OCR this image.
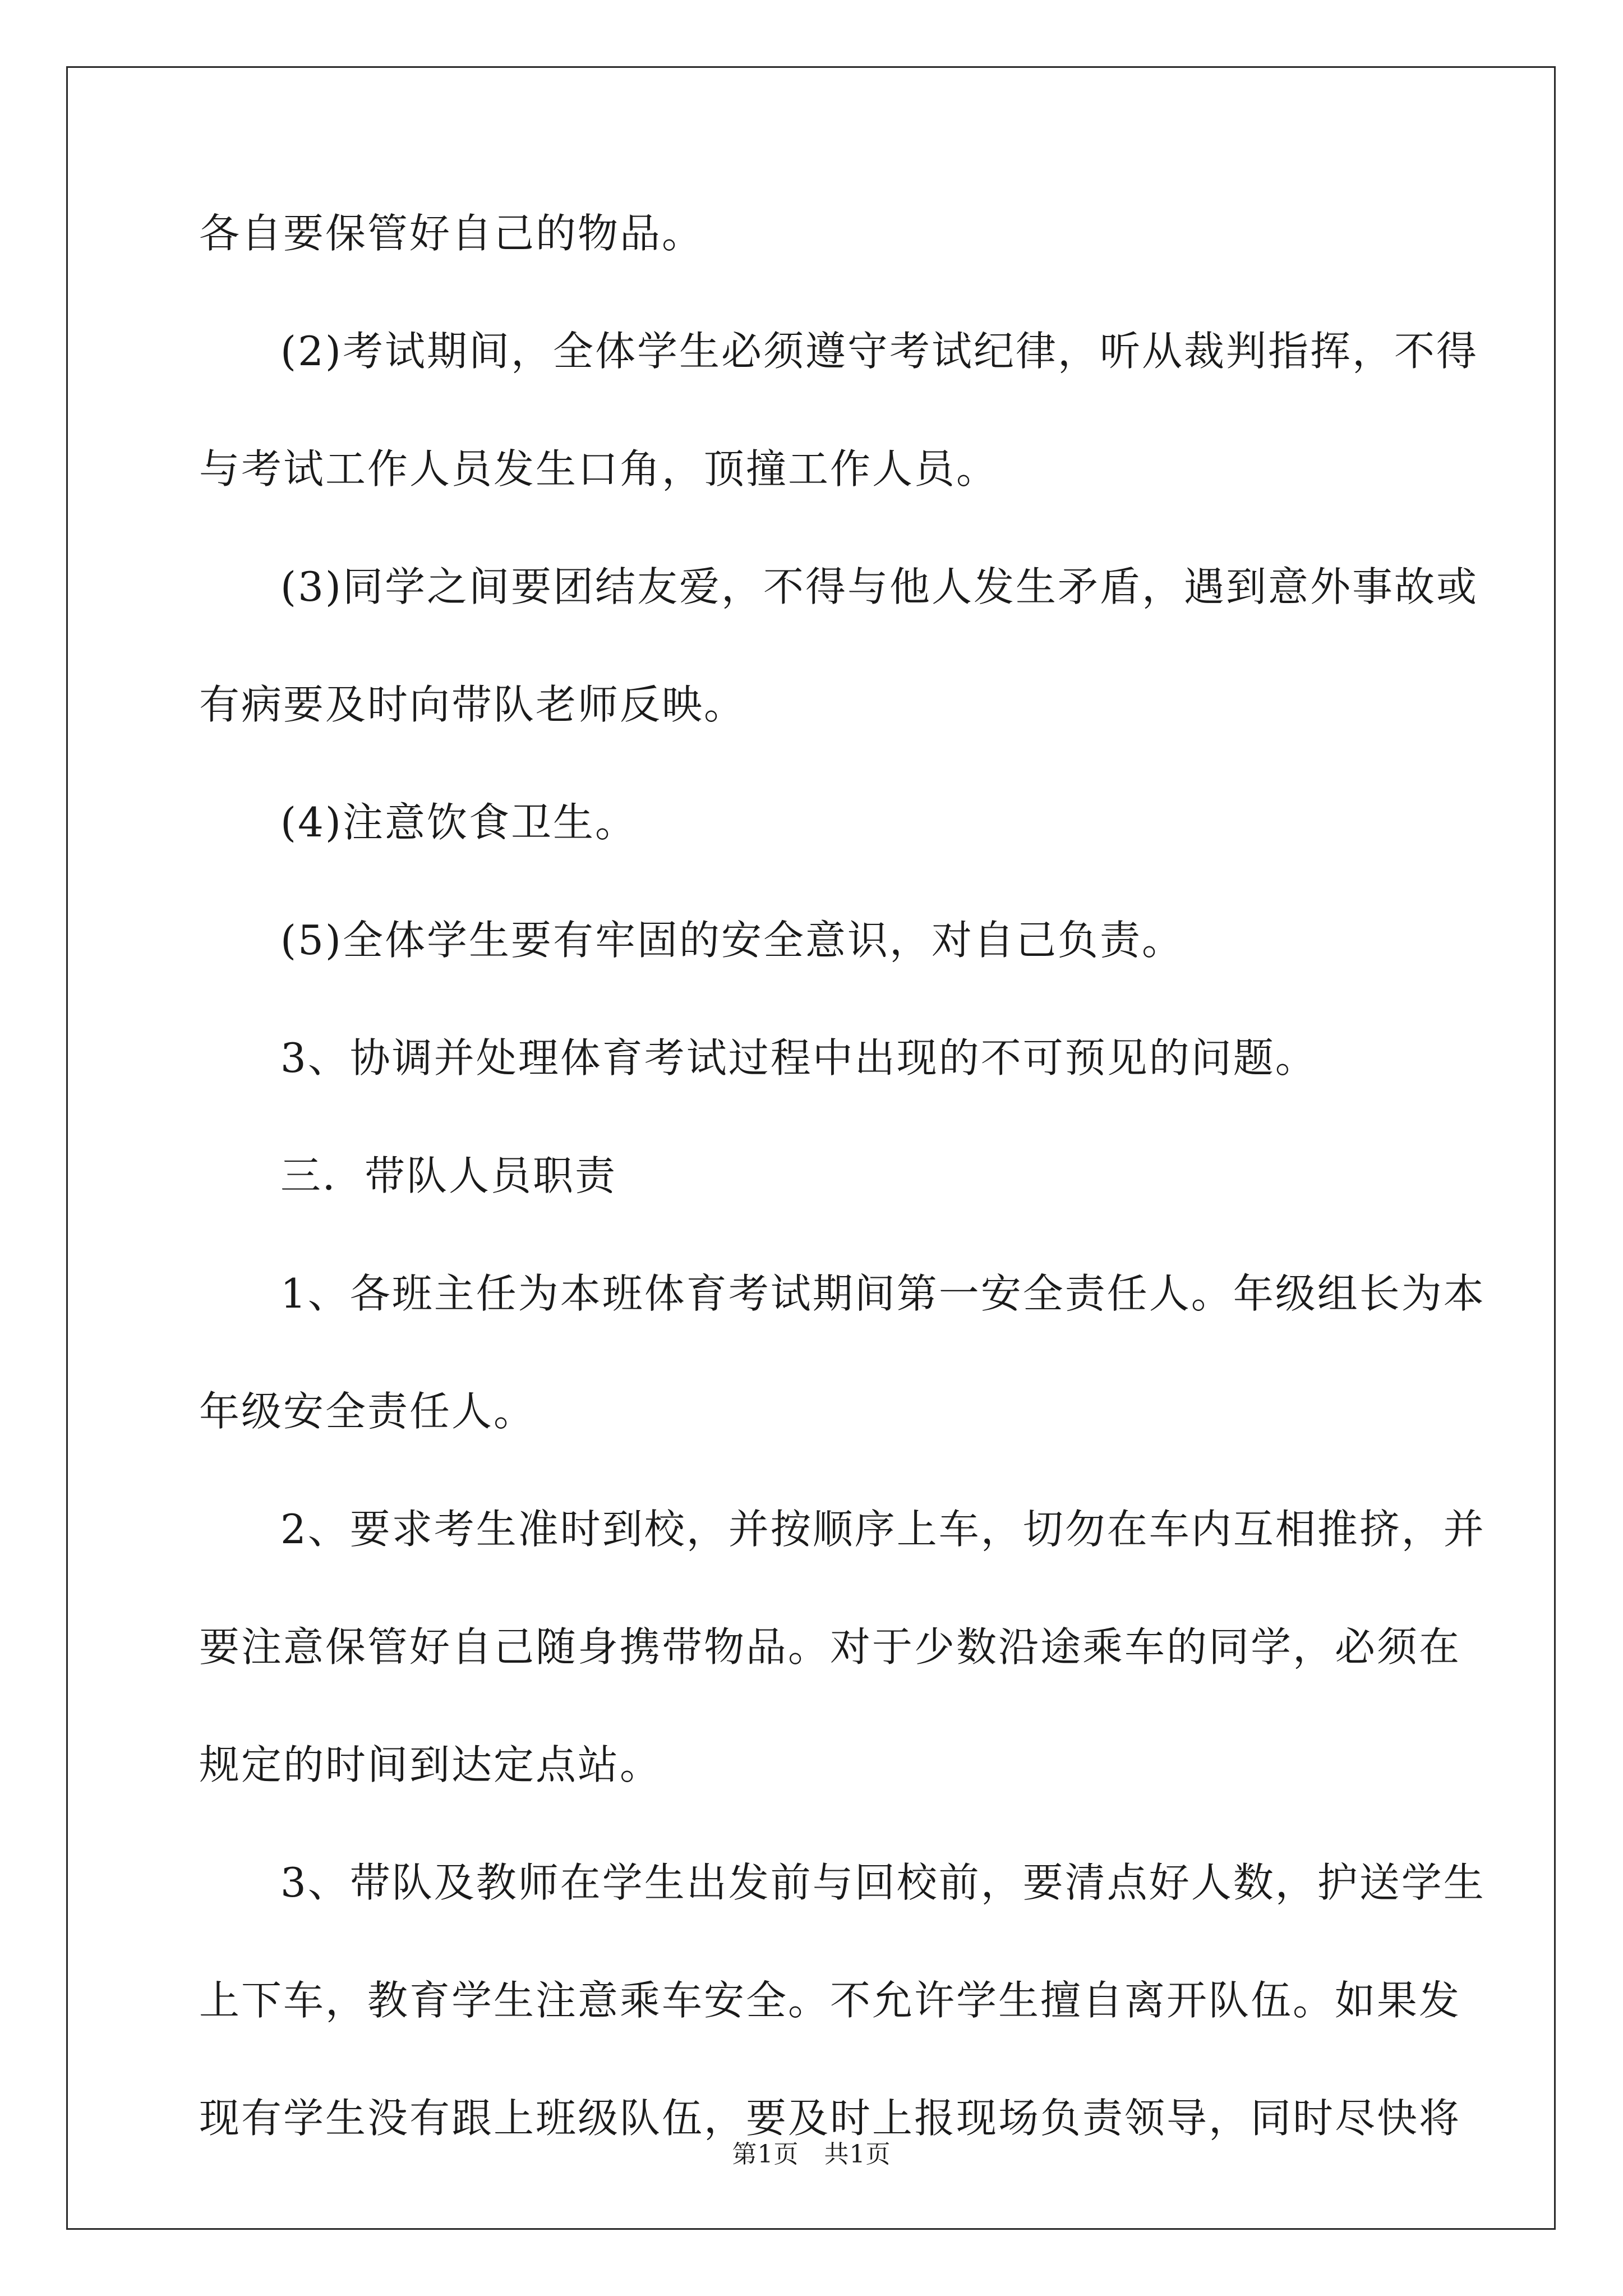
各自要保管好自己的物品。
(2)考试期间，全体学生必须遵守考试纪律，听从裁判指挥，不得
与考试工作人员发生口角，顶撞工作人员。
(3)同学之间要团结友爱，不得与他人发生矛盾，遇到意外事故或
有病要及时向带队老师反映。
(4)注意饮食卫生。
(5)全体学生要有牢固的安全意识，对自己负责。
3、协调并处理体育考试过程中出现的不可预见的问题。
三．带队人员职责
1、各班主任为本班体育考试期间第一安全责任人。年级组长为本
年级安全责任人。
2、要求考生准时到校，并按顺序上车，切勿在车内互相推挤，并
要注意保管好自己随身携带物品。对于少数沿途乘车的同学，必须在
规定的时间到达定点站。
3、带队及教师在学生出发前与回校前，要清点好人数，护送学生
上下车，教育学生注意乘车安全。不允许学生擅自离开队伍。如果发
现有学生没有跟上班级队伍，要及时上报现场负责领导，同时尽快将
第1页　共1页
